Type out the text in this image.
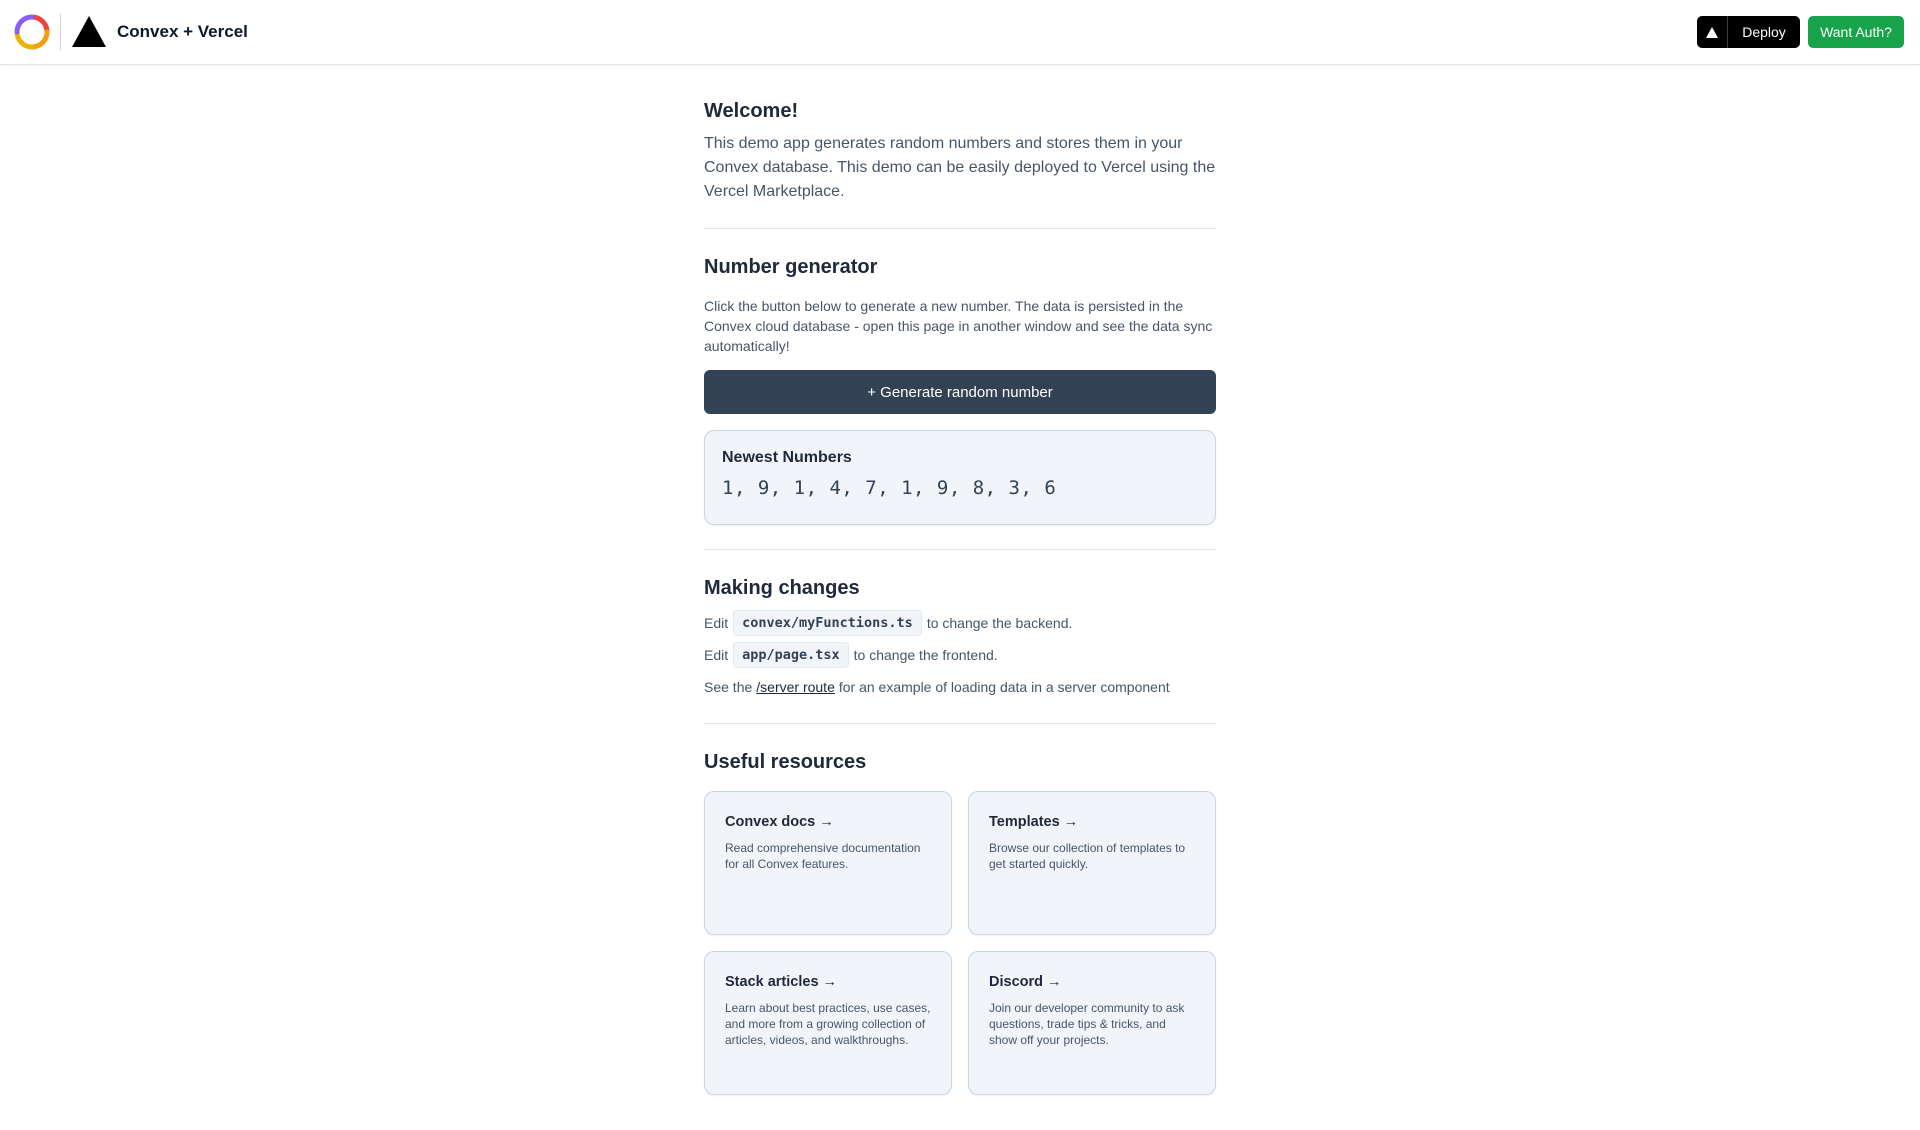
Convex + Vercel	Deploy	Want Auth?
Welcome!
This demo app generates random numbers and stores them in your Convex database. This demo can be easily deployed to Vercel using the Vercel Marketplace.
Number generator
Click the button below to generate a new number. The data is persisted in the Convex cloud database - open this page in another window and see the data sync automatically!
+ Generate random number
Newest Numbers
1, 9, 1, 4, 7, 1, 9, 8, 3, 6
Making changes
Edit	convex/myFunctions.ts	to change the backend.
Edit	app/page.tsx	to change the frontend.
See the /server route for an example of loading data in a server component
Useful resources
Convex docs →
Read comprehensive documentation for all Convex features.
Templates →
Browse our collection of templates to get started quickly.
Stack articles →
Learn about best practices, use cases, and more from a growing collection of articles, videos, and walkthroughs.
Discord →
Join our developer community to ask questions, trade tips & tricks, and show off your projects.
